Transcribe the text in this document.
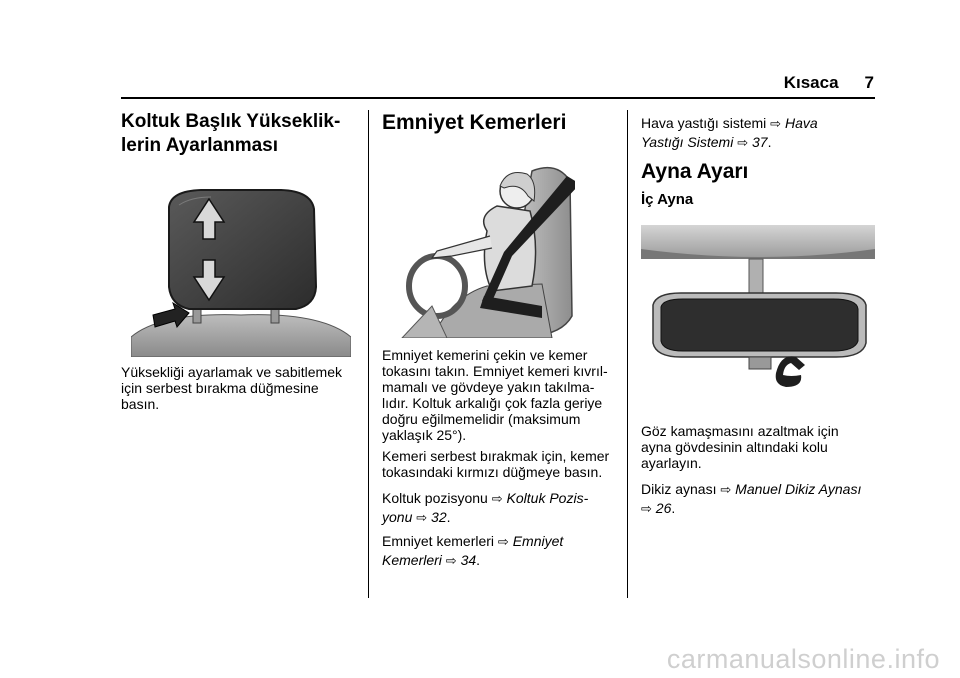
Kısaca 7
Koltuk Başlık Yükseklik-
lerin Ayarlanması
Yüksekliği ayarlamak ve sabitlemek
için serbest bırakma düğmesine
basın.
Emniyet Kemerleri
Emniyet kemerini çekin ve kemer
tokasını takın. Emniyet kemeri kıvrıl-
mamalı ve gövdeye yakın takılma-
lıdır. Koltuk arkalığı çok fazla geriye
doğru eğilmemelidir (maksimum
yaklaşık 25°).
Kemeri serbest bırakmak için, kemer
tokasındaki kırmızı düğmeye basın.
Koltuk pozisyonu ⇨ Koltuk Pozis-
yonu ⇨ 32.
Emniyet kemerleri ⇨ Emniyet
Kemerleri ⇨ 34.
Hava yastığı sistemi ⇨ Hava
Yastığı Sistemi ⇨ 37.
Ayna Ayarı
İç Ayna
Göz kamaşmasını azaltmak için
ayna gövdesinin altındaki kolu
ayarlayın.
Dikiz aynası ⇨ Manuel Dikiz Aynası
⇨ 26.
carmanualsonline.info
